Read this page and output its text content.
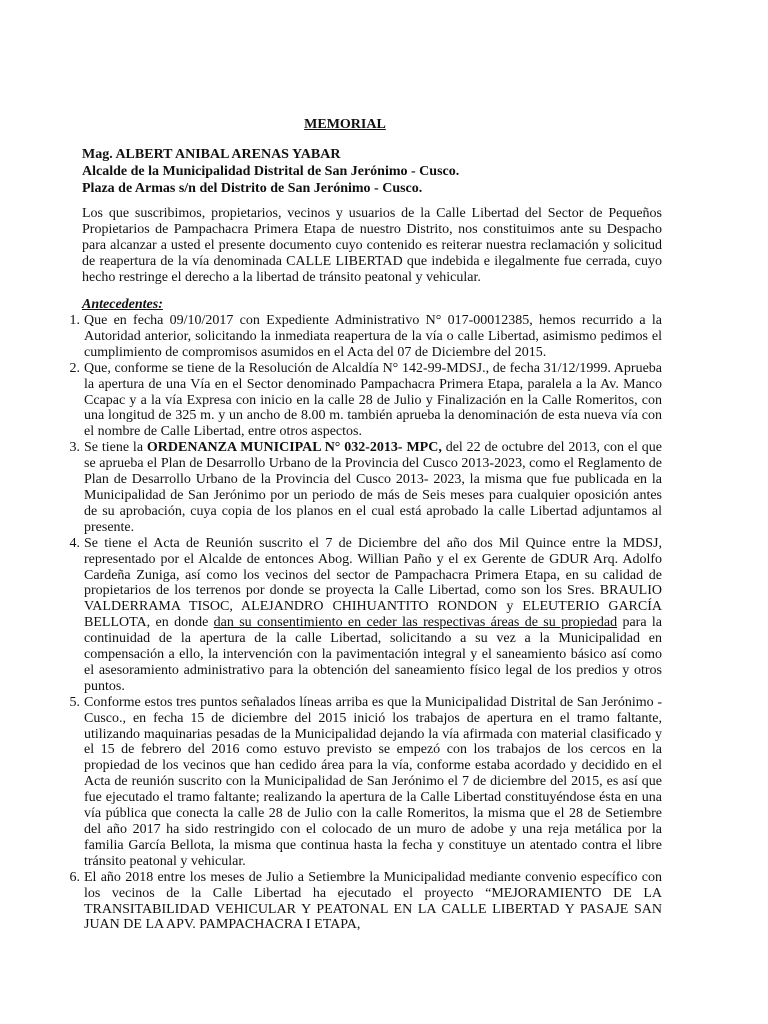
MEMORIAL
Mag. ALBERT ANIBAL ARENAS YABAR
Alcalde de la Municipalidad Distrital de San Jerónimo - Cusco.
Plaza de Armas s/n del Distrito de San Jerónimo - Cusco.
Los que suscribimos, propietarios, vecinos y usuarios de la Calle Libertad del Sector de Pequeños Propietarios de Pampachacra Primera Etapa de nuestro Distrito, nos constituimos ante su Despacho para alcanzar a usted el presente documento cuyo contenido es reiterar nuestra reclamación y solicitud de reapertura de la vía denominada CALLE LIBERTAD que indebida e ilegalmente fue cerrada, cuyo hecho restringe el derecho a la libertad de tránsito peatonal y vehicular.
Antecedentes:
1. Que en fecha 09/10/2017 con Expediente Administrativo N° 017-00012385, hemos recurrido a la Autoridad anterior, solicitando la inmediata reapertura de la vía o calle Libertad, asimismo pedimos el cumplimiento de compromisos asumidos en el Acta del 07 de Diciembre del 2015.
2. Que, conforme se tiene de la Resolución de Alcaldía N° 142-99-MDSJ., de fecha 31/12/1999. Aprueba la apertura de una Vía en el Sector denominado Pampachacra Primera Etapa, paralela a la Av. Manco Ccapac y a la vía Expresa con inicio en la calle 28 de Julio y Finalización en la Calle Romeritos, con una longitud de 325 m. y un ancho de 8.00 m. también aprueba la denominación de esta nueva vía con el nombre de Calle Libertad, entre otros aspectos.
3. Se tiene la ORDENANZA MUNICIPAL N° 032-2013- MPC, del 22 de octubre del 2013, con el que se aprueba el Plan de Desarrollo Urbano de la Provincia del Cusco 2013-2023, como el Reglamento de Plan de Desarrollo Urbano de la Provincia del Cusco 2013- 2023, la misma que fue publicada en la Municipalidad de San Jerónimo por un periodo de más de Seis meses para cualquier oposición antes de su aprobación, cuya copia de los planos en el cual está aprobado la calle Libertad adjuntamos al presente.
4. Se tiene el Acta de Reunión suscrito el 7 de Diciembre del año dos Mil Quince entre la MDSJ, representado por el Alcalde de entonces Abog. Willian Paño y el ex Gerente de GDUR Arq. Adolfo Cardeña Zuniga, así como los vecinos del sector de Pampachacra Primera Etapa, en su calidad de propietarios de los terrenos por donde se proyecta la Calle Libertad, como son los Sres. BRAULIO VALDERRAMA TISOC, ALEJANDRO CHIHUANTITO RONDON y ELEUTERIO GARCÍA BELLOTA, en donde dan su consentimiento en ceder las respectivas áreas de su propiedad para la continuidad de la apertura de la calle Libertad, solicitando a su vez a la Municipalidad en compensación a ello, la intervención con la pavimentación integral y el saneamiento básico así como el asesoramiento administrativo para la obtención del saneamiento físico legal de los predios y otros puntos.
5. Conforme estos tres puntos señalados líneas arriba es que la Municipalidad Distrital de San Jerónimo - Cusco., en fecha 15 de diciembre del 2015 inició los trabajos de apertura en el tramo faltante, utilizando maquinarias pesadas de la Municipalidad dejando la vía afirmada con material clasificado y el 15 de febrero del 2016 como estuvo previsto se empezó con los trabajos de los cercos en la propiedad de los vecinos que han cedido área para la vía, conforme estaba acordado y decidido en el Acta de reunión suscrito con la Municipalidad de San Jerónimo el 7 de diciembre del 2015, es así que fue ejecutado el tramo faltante; realizando la apertura de la Calle Libertad constituyéndose ésta en una vía pública que conecta la calle 28 de Julio con la calle Romeritos, la misma que el 28 de Setiembre del año 2017 ha sido restringido con el colocado de un muro de adobe y una reja metálica por la familia García Bellota, la misma que continua hasta la fecha y constituye un atentado contra el libre tránsito peatonal y vehicular.
6. El año 2018 entre los meses de Julio a Setiembre la Municipalidad mediante convenio específico con los vecinos de la Calle Libertad ha ejecutado el proyecto “MEJORAMIENTO DE LA TRANSITABILIDAD VEHICULAR Y PEATONAL EN LA CALLE LIBERTAD Y PASAJE SAN JUAN DE LA APV. PAMPACHACRA I ETAPA,
